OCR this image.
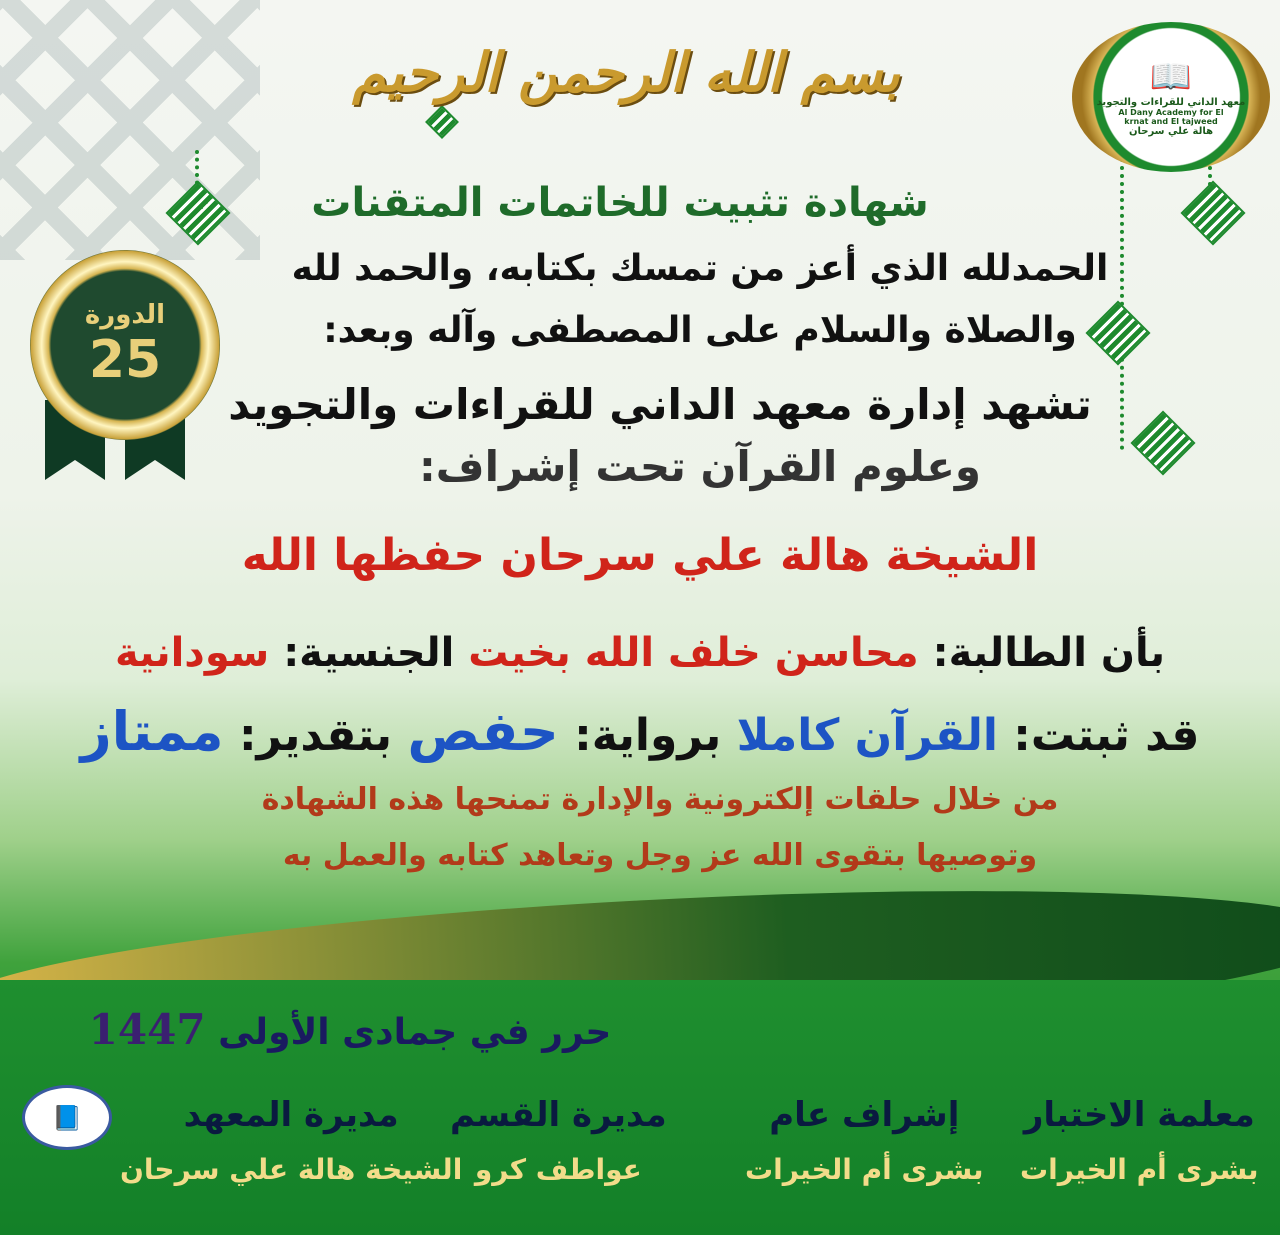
بسم الله الرحمن الرحيم	📖
معهد الداني للقراءات والتجويد
Al Dany Academy for El krnat and El tajweed
هالة علي سرحان
الدورة
25
شهادة تثبيت للخاتمات المتقنات
الحمدلله الذي أعز من تمسك بكتابه، والحمد لله
والصلاة والسلام على المصطفى وآله وبعد:
تشهد إدارة معهد الداني للقراءات والتجويد
وعلوم القرآن تحت إشراف:
الشيخة هالة علي سرحان حفظها الله
بأن الطالبة: محاسن خلف الله بخيت الجنسية: سودانية
قد ثبتت: القرآن كاملا برواية: حفص بتقدير: ممتاز
من خلال حلقات إلكترونية والإدارة تمنحها هذه الشهادة
وتوصيها بتقوى الله عز وجل وتعاهد كتابه والعمل به
حرر في جمادى الأولى 1447
📘	معلمة الاختبار
بشرى أم الخيرات
إشراف عام
بشرى أم الخيرات
مديرة القسم
عواطف كرو
مديرة المعهد
الشيخة هالة علي سرحان
